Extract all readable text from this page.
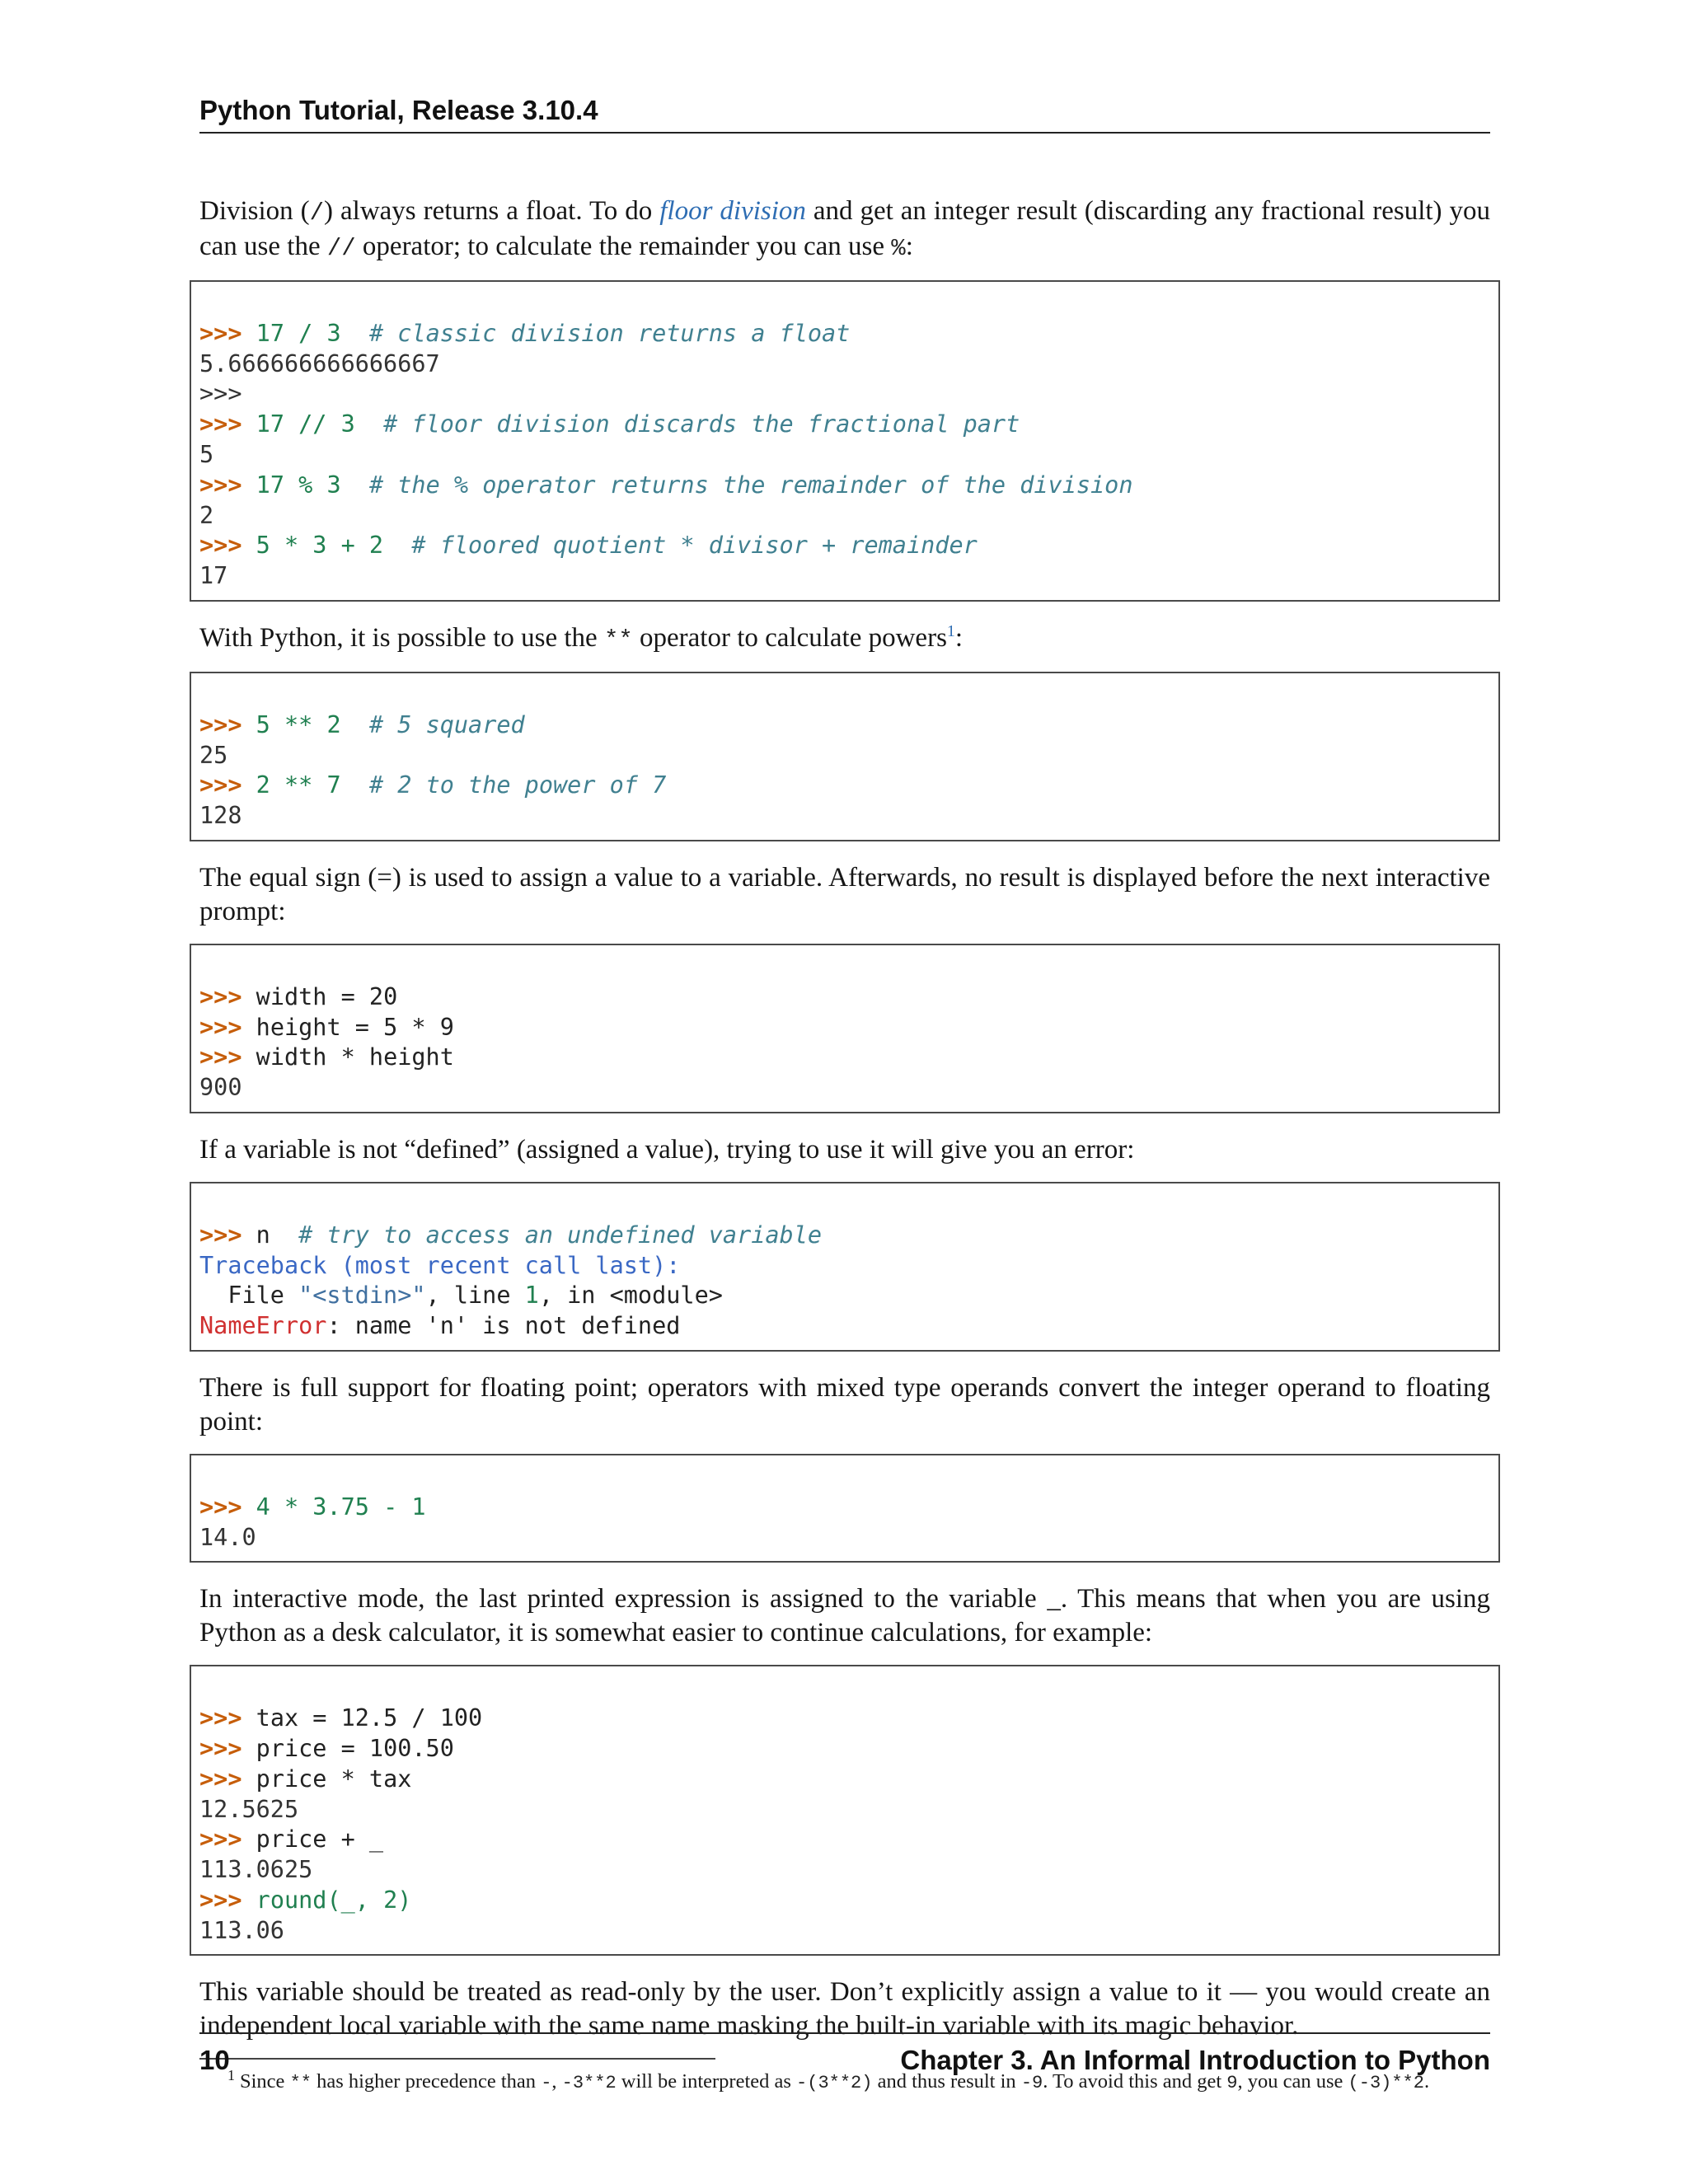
Python Tutorial, Release 3.10.4

Division (/) always returns a float. To do floor division and get an integer result (discarding any fractional result) you can use the // operator; to calculate the remainder you can use %:

>>> 17 / 3 # classic division returns a float
5.666666666666667
>>>
>>> 17 // 3 # floor division discards the fractional part
5
>>> 17 % 3 # the % operator returns the remainder of the division
2
>>> 5 * 3 + 2 # floored quotient * divisor + remainder
17

With Python, it is possible to use the ** operator to calculate powers$^1$:

>>> 5 ** 2 # 5 squared
25
>>> 2 ** 7 # 2 to the power of 7
128

The equal sign (=) is used to assign a value to a variable. Afterwards, no result is displayed before the next interactive prompt:

>>> width = 20
>>> height = 5 * 9
>>> width * height
900

If a variable is not “defined” (assigned a value), trying to use it will give you an error:

>>> n # try to access an undefined variable
Traceback (most recent call last):
File "<stdin>", line 1, in <module>
NameError: name 'n' is not defined

There is full support for floating point; operators with mixed type operands convert the integer operand to floating point:

>>> 4 * 3.75 - 1
14.0

In interactive mode, the last printed expression is assigned to the variable _. This means that when you are using Python as a desk calculator, it is somewhat easier to continue calculations, for example:

>>> tax = 12.5 / 100
>>> price = 100.50
>>> price * tax
12.5625
>>> price + _
113.0625
>>> round(_, 2)
113.06

This variable should be treated as read-only by the user. Don’t explicitly assign a value to it — you would create an independent local variable with the same name masking the built-in variable with its magic behavior.

$^1$ Since ** has higher precedence than -, -3**2 will be interpreted as -(3**2) and thus result in -9. To avoid this and get 9, you can use (-3)**2.

10	Chapter 3. An Informal Introduction to Python
